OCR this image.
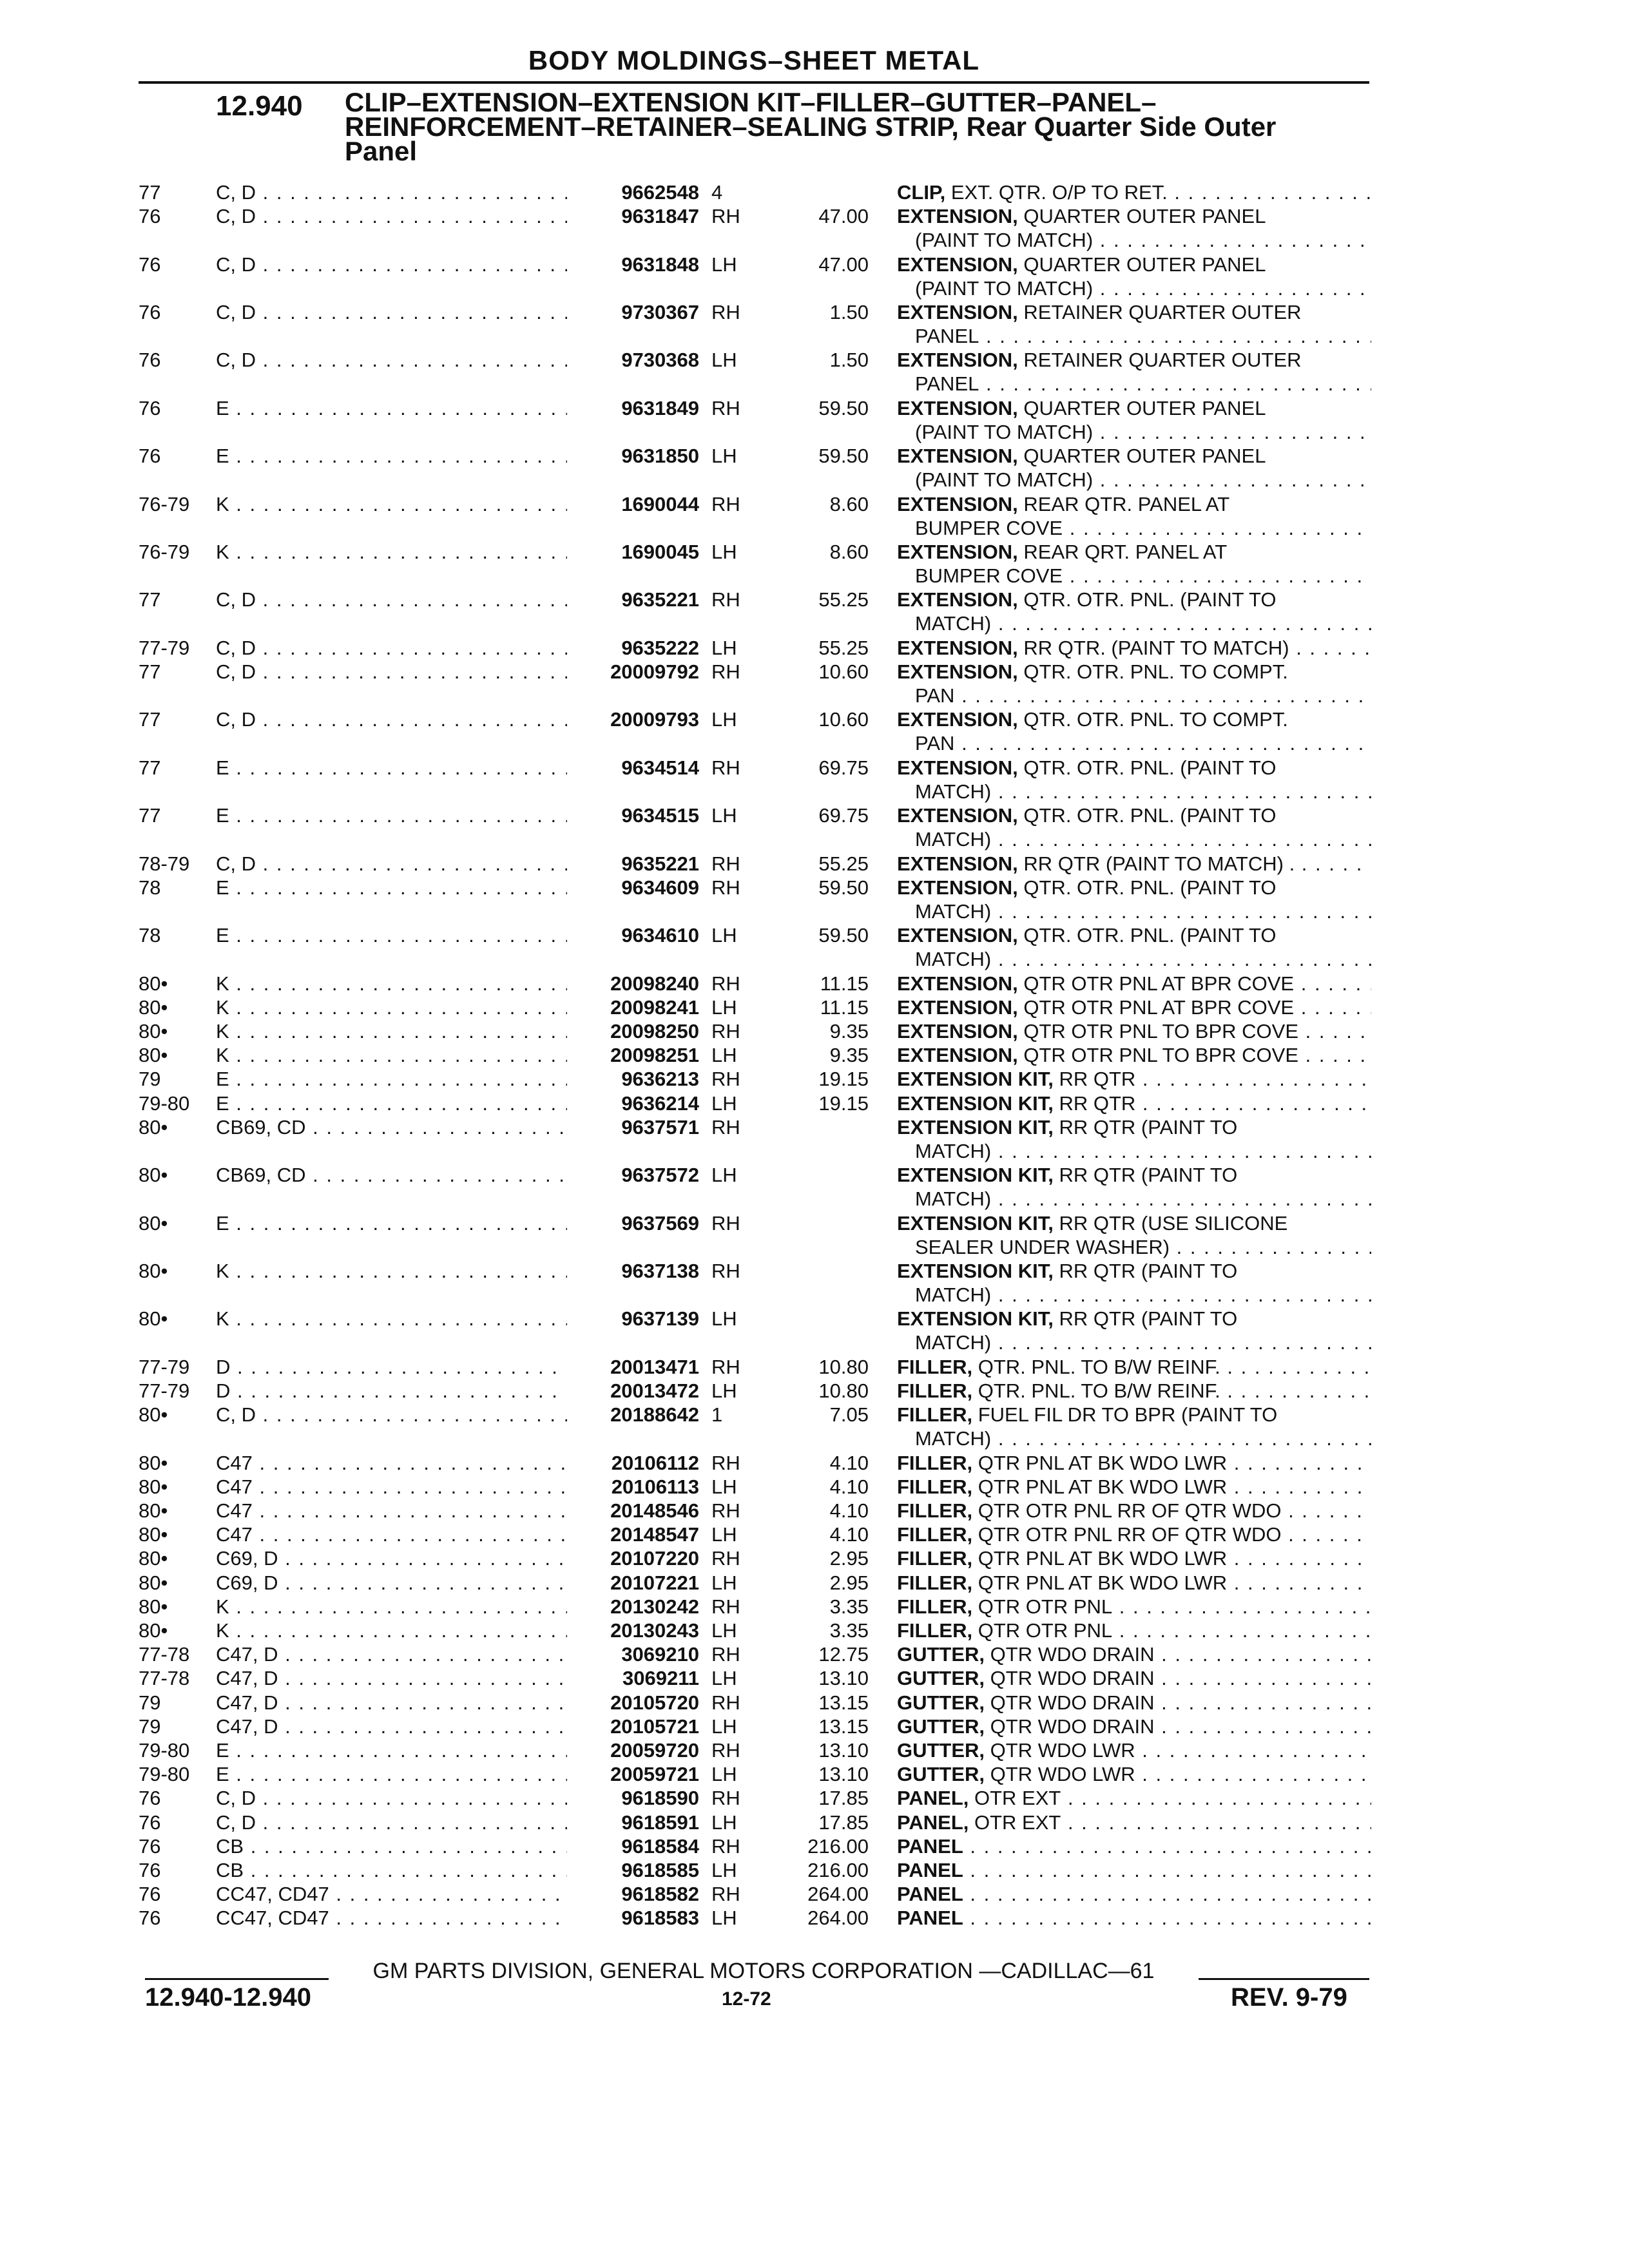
BODY MOLDINGS–SHEET METAL
12.940 CLIP–EXTENSION–EXTENSION KIT–FILLER–GUTTER–PANEL–
REINFORCEMENT–RETAINER–SEALING STRIP, Rear Quarter Side Outer
Panel
77	C, D . . .	9662548 4	CLIP, EXT. QTR. O/P TO RET. . . .
76	C, D . . .	9631847 RH	47.00 EXTENSION, QUARTER OUTER PANEL
(PAINT TO MATCH) . . .
76	C, D . . .	9631848 LH	47.00 EXTENSION, QUARTER OUTER PANEL
(PAINT TO MATCH) . . .
76	C, D . . .	9730367 RH	1.50 EXTENSION, RETAINER QUARTER OUTER
PANEL . . .
76	C, D . . .	9730368 LH	1.50 EXTENSION, RETAINER QUARTER OUTER
PANEL . . .
76	E . . .	9631849 RH	59.50 EXTENSION, QUARTER OUTER PANEL
(PAINT TO MATCH) . . .
76	E . . .	9631850 LH	59.50 EXTENSION, QUARTER OUTER PANEL
(PAINT TO MATCH) . . .
76-79	K . . .	1690044 RH	8.60 EXTENSION, REAR QTR. PANEL AT
BUMPER COVE . . .
76-79	K . . .	1690045 LH	8.60 EXTENSION, REAR QRT. PANEL AT
BUMPER COVE . . .
77	C, D . . .	9635221 RH	55.25 EXTENSION, QTR. OTR. PNL. (PAINT TO
MATCH) . . .
77-79	C, D . . .	9635222 LH	55.25 EXTENSION, RR QTR. (PAINT TO MATCH) . . .
77	C, D . . .	20009792 RH	10.60 EXTENSION, QTR. OTR. PNL. TO COMPT.
PAN . . .
77	C, D . . .	20009793 LH	10.60 EXTENSION, QTR. OTR. PNL. TO COMPT.
PAN . . .
77	E . . .	9634514 RH	69.75 EXTENSION, QTR. OTR. PNL. (PAINT TO
MATCH) . . .
77	E . . .	9634515 LH	69.75 EXTENSION, QTR. OTR. PNL. (PAINT TO
MATCH) . . .
78-79	C, D . . .	9635221 RH	55.25 EXTENSION, RR QTR (PAINT TO MATCH) . . . .
78	E . . .	9634609 RH	59.50 EXTENSION, QTR. OTR. PNL. (PAINT TO
MATCH) . . .
78	E . . .	9634610 LH	59.50 EXTENSION, QTR. OTR. PNL. (PAINT TO
MATCH) . . .
80•	K . . .	20098240 RH	11.15 EXTENSION, QTR OTR PNL AT BPR COVE . . .
80•	K . . .	20098241 LH	11.15 EXTENSION, QTR OTR PNL AT BPR COVE . . .
80•	K . . .	20098250 RH	9.35 EXTENSION, QTR OTR PNL TO BPR COVE . . .
80•	K . . .	20098251 LH	9.35 EXTENSION, QTR OTR PNL TO BPR COVE . . .
79	E . . .	9636213 RH	19.15 EXTENSION KIT, RR QTR . . .
79-80	E . . .	9636214 LH	19.15 EXTENSION KIT, RR QTR . . .
80•	CB69, CD . . .	9637571 RH	EXTENSION KIT, RR QTR (PAINT TO
MATCH) . . .
80•	CB69, CD . . .	9637572 LH	EXTENSION KIT, RR QTR (PAINT TO
MATCH) . . .
80•	E . . .	9637569 RH	EXTENSION KIT, RR QTR (USE SILICONE
SEALER UNDER WASHER) . . .
80•	K . . .	9637138 RH	EXTENSION KIT, RR QTR (PAINT TO
MATCH) . . .
80•	K . . .	9637139 LH	EXTENSION KIT, RR QTR (PAINT TO
MATCH) . . .
77-79	D . . .	20013471 RH	10.80 FILLER, QTR. PNL. TO B/W REINF. . . .
77-79	D . . .	20013472 LH	10.80 FILLER, QTR. PNL. TO B/W REINF. . . .
80•	C, D . . .	20188642 1	7.05 FILLER, FUEL FIL DR TO BPR (PAINT TO
MATCH) . . .
80•	C47 . . .	20106112 RH	4.10 FILLER, QTR PNL AT BK WDO LWR . . .
80•	C47 . . .	20106113 LH	4.10 FILLER, QTR PNL AT BK WDO LWR . . .
80•	C47 . . .	20148546 RH	4.10 FILLER, QTR OTR PNL RR OF QTR WDO . . .
80•	C47 . . .	20148547 LH	4.10 FILLER, QTR OTR PNL RR OF QTR WDO . . .
80•	C69, D . . .	20107220 RH	2.95 FILLER, QTR PNL AT BK WDO LWR . . .
80•	C69, D . . .	20107221 LH	2.95 FILLER, QTR PNL AT BK WDO LWR . . .
80•	K . . .	20130242 RH	3.35 FILLER, QTR OTR PNL . . .
80•	K . . .	20130243 LH	3.35 FILLER, QTR OTR PNL . . .
77-78	C47, D . . .	3069210 RH	12.75 GUTTER, QTR WDO DRAIN . . .
77-78	C47, D . . .	3069211 LH	13.10 GUTTER, QTR WDO DRAIN . . .
79	C47, D . . .	20105720 RH	13.15 GUTTER, QTR WDO DRAIN . . .
79	C47, D . . .	20105721 LH	13.15 GUTTER, QTR WDO DRAIN . . .
79-80	E . . .	20059720 RH	13.10 GUTTER, QTR WDO LWR . . .
79-80	E . . .	20059721 LH	13.10 GUTTER, QTR WDO LWR . . .
76	C, D . . .	9618590 RH	17.85 PANEL, OTR EXT . . .
76	C, D . . .	9618591 LH	17.85 PANEL, OTR EXT . . .
76	CB . . .	9618584 RH	216.00 PANEL . . .
76	CB . . .	9618585 LH	216.00 PANEL . . .
76	CC47, CD47 . . .	9618582 RH	264.00 PANEL . . .
76	CC47, CD47 . . .	9618583 LH	264.00 PANEL . . .
GM PARTS DIVISION, GENERAL MOTORS CORPORATION —CADILLAC—61
12.940-12.940	12-72	REV. 9-79
